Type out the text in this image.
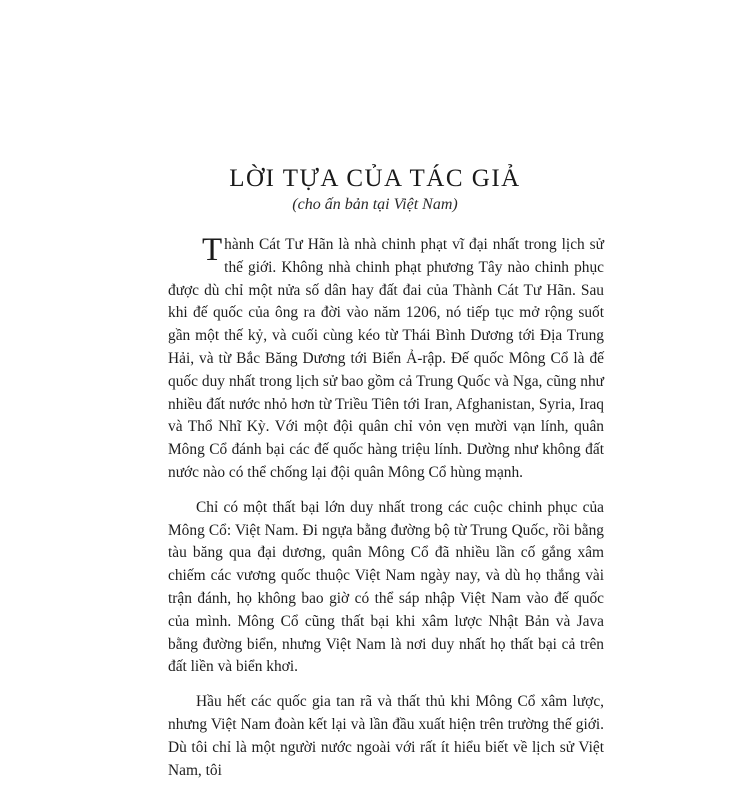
LỜI TỰA CỦA TÁC GIẢ
(cho ấn bản tại Việt Nam)

Thành Cát Tư Hãn là nhà chinh phạt vĩ đại nhất trong lịch sử thế giới. Không nhà chinh phạt phương Tây nào chinh phục được dù chỉ một nửa số dân hay đất đai của Thành Cát Tư Hãn. Sau khi đế quốc của ông ra đời vào năm 1206, nó tiếp tục mở rộng suốt gần một thế kỷ, và cuối cùng kéo từ Thái Bình Dương tới Địa Trung Hải, và từ Bắc Băng Dương tới Biển Ả-rập. Đế quốc Mông Cổ là đế quốc duy nhất trong lịch sử bao gồm cả Trung Quốc và Nga, cũng như nhiều đất nước nhỏ hơn từ Triều Tiên tới Iran, Afghanistan, Syria, Iraq và Thổ Nhĩ Kỳ. Với một đội quân chỉ vỏn vẹn mười vạn lính, quân Mông Cổ đánh bại các đế quốc hàng triệu lính. Dường như không đất nước nào có thể chống lại đội quân Mông Cổ hùng mạnh.

Chỉ có một thất bại lớn duy nhất trong các cuộc chinh phục của Mông Cổ: Việt Nam. Đi ngựa bằng đường bộ từ Trung Quốc, rồi bằng tàu băng qua đại dương, quân Mông Cổ đã nhiều lần cố gắng xâm chiếm các vương quốc thuộc Việt Nam ngày nay, và dù họ thắng vài trận đánh, họ không bao giờ có thể sáp nhập Việt Nam vào đế quốc của mình. Mông Cổ cũng thất bại khi xâm lược Nhật Bản và Java bằng đường biển, nhưng Việt Nam là nơi duy nhất họ thất bại cả trên đất liền và biển khơi.

Hầu hết các quốc gia tan rã và thất thủ khi Mông Cổ xâm lược, nhưng Việt Nam đoàn kết lại và lần đầu xuất hiện trên trường thế giới. Dù tôi chỉ là một người nước ngoài với rất ít hiểu biết về lịch sử Việt Nam, tôi
